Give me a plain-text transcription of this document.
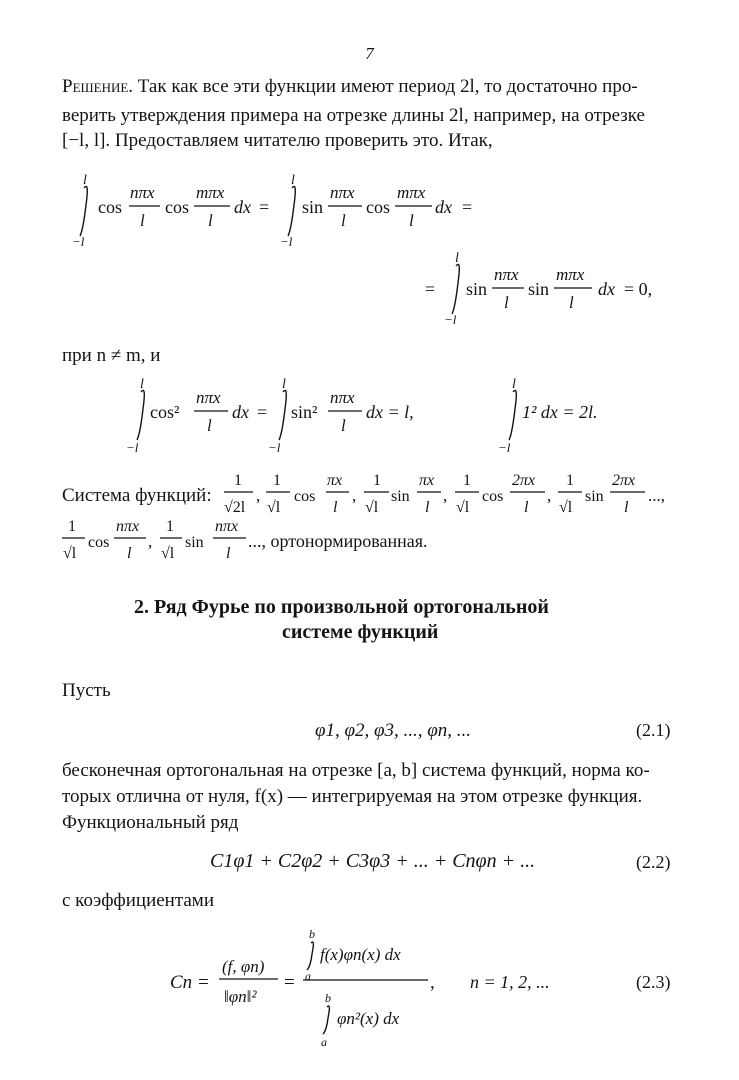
7
Решение. Так как все эти функции имеют период 2l, то достаточно про-
верить утверждения примера на отрезке длины 2l, например, на отрезке
[−l, l]. Предоставляем читателю проверить это. Итак,
l
−l
cos
nπx
l
cos
mπx
l
dx =
l
−l
sin
nπx
l
cos
mπx
l
dx =
l
−l
= sin
nπx
l
sin
mπx
l
dx = 0,
при n ≠ m, и
l
−l
cos²
nπx
l
dx =
l
−l
sin²
nπx
l
dx = l,
l
−l
1² dx = 2l.
Система функций:
1
√2l
,
1
√l
cos
πx
l
,
1
√l
sin
πx
l
,
1
√l
cos
2πx
l
,
1
√l
sin
2πx
l
...,
1
√l
cos
nπx
l
,
1
√l
sin
nπx
l
..., ортонормированная.
2. Ряд Фурье по произвольной ортогональной
системе функций
Пусть
φ1, φ2, φ3, ..., φn, ...	(2.1)
бесконечная ортогональная на отрезке [a, b] система функций, норма ко-
торых отлична от нуля, f(x) — интегрируемая на этом отрезке функция.
Функциональный ряд
C1φ1 + C2φ2 + C3φ3 + ... + Cnφn + ...	(2.2)
с коэффициентами
Cn =
(f, φn)
‖φn‖²
=
b
a
f(x)φn(x) dx
b
a
φn²(x) dx
, n = 1, 2, ...	(2.3)
